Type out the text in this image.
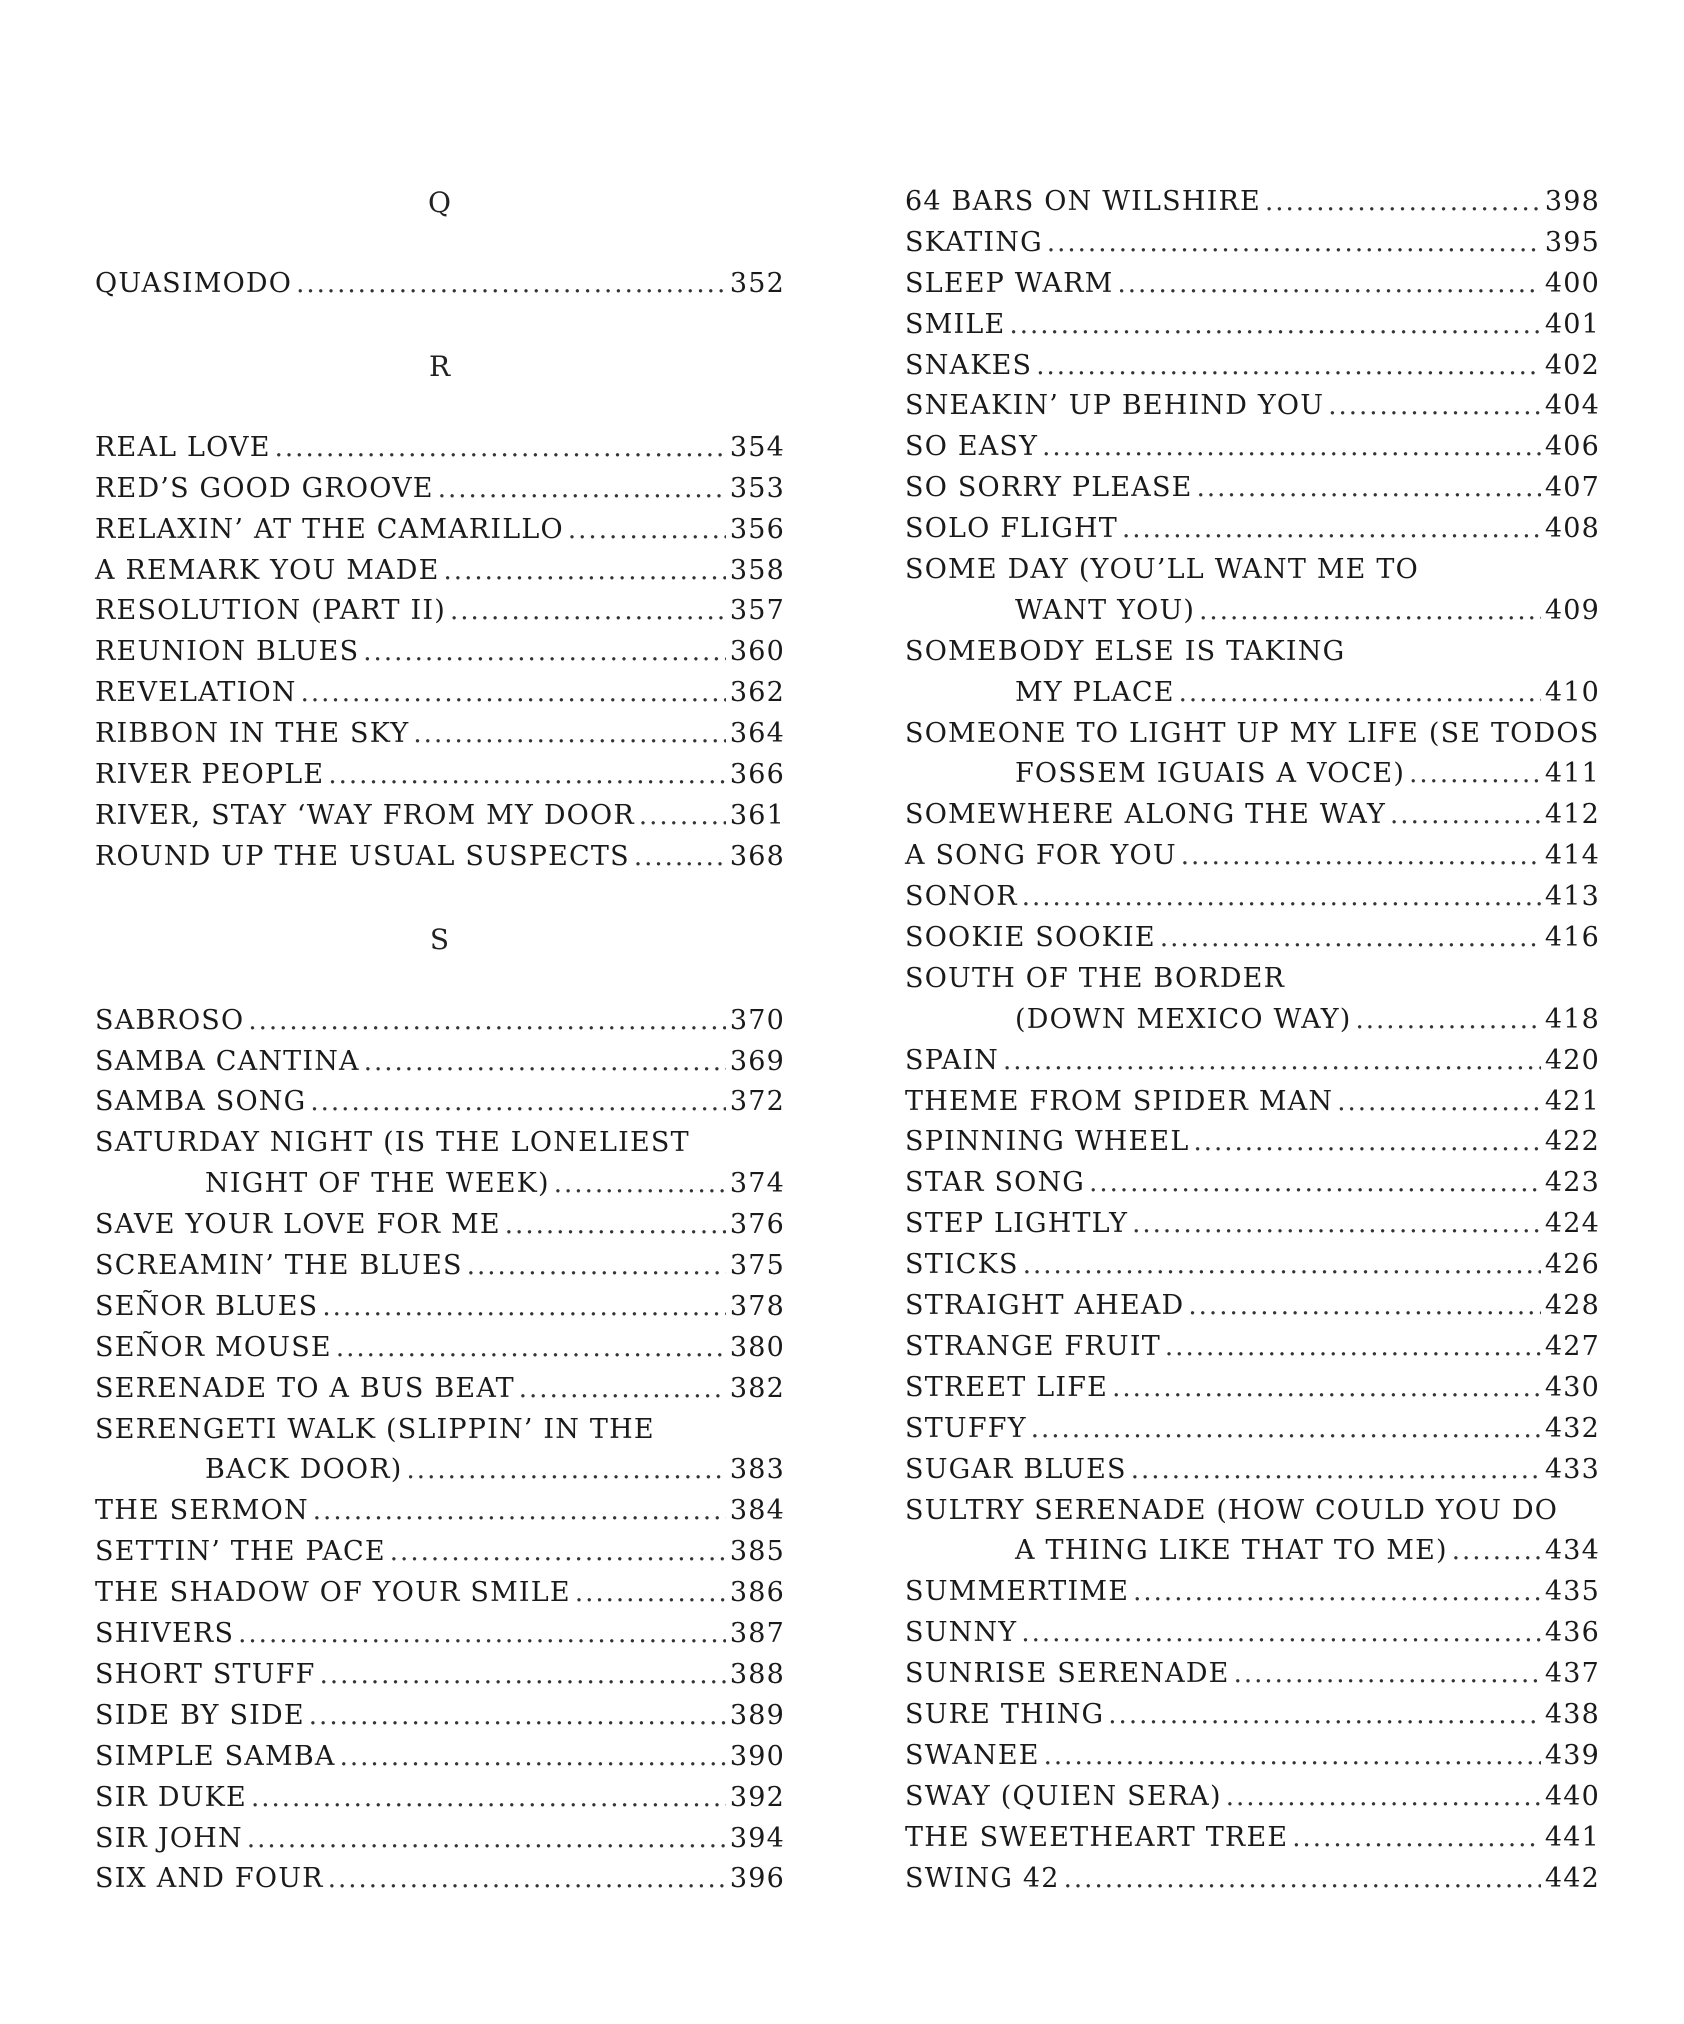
Q
QUASIMODO .....	352
R
REAL LOVE .....	354
RED’S GOOD GROOVE .....	353
RELAXIN’ AT THE CAMARILLO .....	356
A REMARK YOU MADE .....	358
RESOLUTION (PART II) .....	357
REUNION BLUES .....	360
REVELATION .....	362
RIBBON IN THE SKY .....	364
RIVER PEOPLE .....	366
RIVER, STAY ‘WAY FROM MY DOOR .....	361
ROUND UP THE USUAL SUSPECTS .....	368
S
SABROSO .....	370
SAMBA CANTINA .....	369
SAMBA SONG .....	372
SATURDAY NIGHT (IS THE LONELIEST
NIGHT OF THE WEEK) .....	374
SAVE YOUR LOVE FOR ME .....	376
SCREAMIN’ THE BLUES .....	375
SEÑOR BLUES .....	378
SEÑOR MOUSE .....	380
SERENADE TO A BUS BEAT .....	382
SERENGETI WALK (SLIPPIN’ IN THE
BACK DOOR) .....	383
THE SERMON .....	384
SETTIN’ THE PACE .....	385
THE SHADOW OF YOUR SMILE .....	386
SHIVERS .....	387
SHORT STUFF .....	388
SIDE BY SIDE .....	389
SIMPLE SAMBA .....	390
SIR DUKE .....	392
SIR JOHN .....	394
SIX AND FOUR .....	396
64 BARS ON WILSHIRE .....	398
SKATING .....	395
SLEEP WARM .....	400
SMILE .....	401
SNAKES .....	402
SNEAKIN’ UP BEHIND YOU .....	404
SO EASY .....	406
SO SORRY PLEASE .....	407
SOLO FLIGHT .....	408
SOME DAY (YOU’LL WANT ME TO
WANT YOU) .....	409
SOMEBODY ELSE IS TAKING
MY PLACE .....	410
SOMEONE TO LIGHT UP MY LIFE (SE TODOS
FOSSEM IGUAIS A VOCE) .....	411
SOMEWHERE ALONG THE WAY .....	412
A SONG FOR YOU .....	414
SONOR .....	413
SOOKIE SOOKIE .....	416
SOUTH OF THE BORDER
(DOWN MEXICO WAY) .....	418
SPAIN .....	420
THEME FROM SPIDER MAN .....	421
SPINNING WHEEL .....	422
STAR SONG .....	423
STEP LIGHTLY .....	424
STICKS .....	426
STRAIGHT AHEAD .....	428
STRANGE FRUIT .....	427
STREET LIFE .....	430
STUFFY .....	432
SUGAR BLUES .....	433
SULTRY SERENADE (HOW COULD YOU DO
A THING LIKE THAT TO ME) .....	434
SUMMERTIME .....	435
SUNNY .....	436
SUNRISE SERENADE .....	437
SURE THING .....	438
SWANEE .....	439
SWAY (QUIEN SERA) .....	440
THE SWEETHEART TREE .....	441
SWING 42 .....	442
